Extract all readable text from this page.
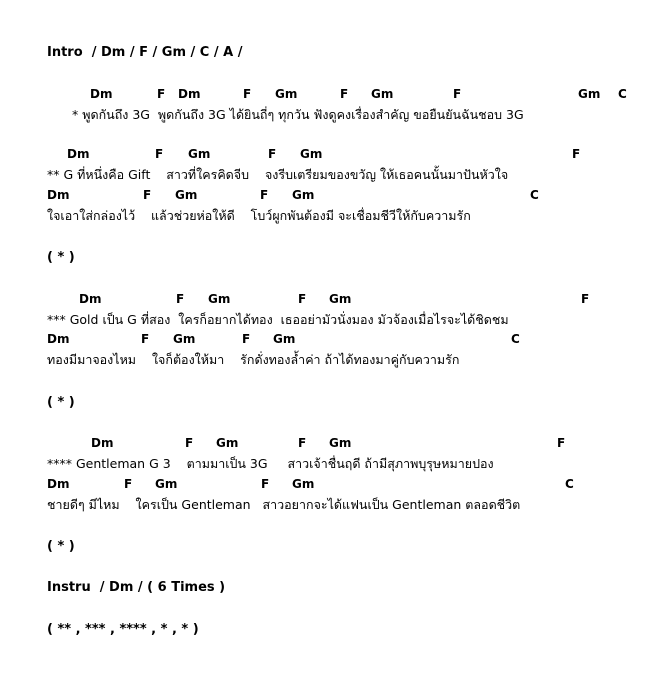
Intro  / Dm / F / Gm / C / A /
Dm	F Dm	F Gm	F Gm	F	Gm C
* พูดกันถึง 3G  พูดกันถึง 3G ได้ยินถี่ๆ ทุกวัน ฟังดูคงเรื่องสำคัญ ขอยืนยันฉันชอบ 3G
Dm	F Gm	F Gm	F
** G ที่หนึ่งคือ Gift    สาวที่ใครคิดจีบ    จงรีบเตรียมของขวัญ ให้เธอคนนั้นมาปันหัวใจ
Dm	F Gm	F Gm	C
ใจเอาใส่กล่องไว้    แล้วช่วยห่อให้ดี    โบว์ผูกพันต้องมี จะเชื่อมชีวีให้กับความรัก
( * )
Dm	F Gm	F Gm	F
*** Gold เป็น G ที่สอง  ใครก็อยากได้ทอง  เธออย่ามัวนั่งมอง มัวจ้องเมื่อไรจะได้ชิดชม
Dm	F Gm	F Gm	C
ทองมีมาจองไหม    ใจก็ต้องให้มา    รักดั่งทองล้ำค่า ถ้าได้ทองมาคู่กับความรัก
( * )
Dm	F Gm	F Gm	F
**** Gentleman G 3    ตามมาเป็น 3G     สาวเจ้าชื่นฤดี ถ้ามีสุภาพบุรุษหมายปอง
Dm	F Gm	F Gm	C
ชายดีๆ มีไหม    ใครเป็น Gentleman   สาวอยากจะได้แฟนเป็น Gentleman ตลอดชีวิต
( * )
Instru  / Dm / ( 6 Times )
( ** , *** , **** , * , * )
